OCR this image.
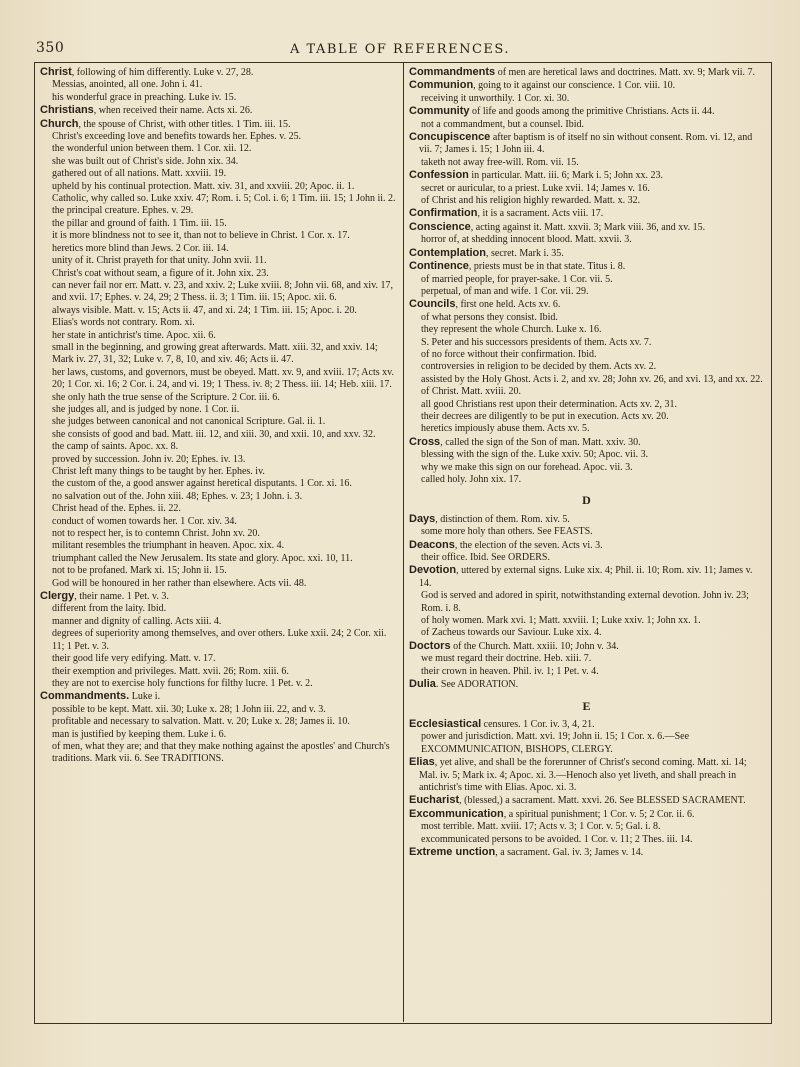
350	A TABLE OF REFERENCES.
Christ, following of him differently. Luke v. 27, 28.
Messias, anointed, all one. John i. 41.
his wonderful grace in preaching. Luke iv. 15.
Christians, when received their name. Acts xi. 26.
Church, the spouse of Christ, with other titles. 1 Tim. iii. 15.
Christ's exceeding love and benefits towards her. Ephes. v. 25.
the wonderful union between them. 1 Cor. xii. 12.
she was built out of Christ's side. John xix. 34.
gathered out of all nations. Matt. xxviii. 19.
upheld by his continual protection. Matt. xiv. 31, and xxviii. 20; Apoc. ii. 1.
Catholic, why called so. Luke xxiv. 47; Rom. i. 5; Col. i. 6; 1 Tim. iii. 15; 1 John ii. 2.
the principal creature. Ephes. v. 29.
the pillar and ground of faith. 1 Tim. iii. 15.
it is more blindness not to see it, than not to believe in Christ. 1 Cor. x. 17.
heretics more blind than Jews. 2 Cor. iii. 14.
unity of it. Christ prayeth for that unity. John xvii. 11.
Christ's coat without seam, a figure of it. John xix. 23.
can never fail nor err. Matt. v. 23, and xxiv. 2; Luke xviii. 8; John vii. 68, and xiv. 17, and xvii. 17; Ephes. v. 24, 29; 2 Thess. ii. 3; 1 Tim. iii. 15; Apoc. xii. 6.
always visible. Matt. v. 15; Acts ii. 47, and xi. 24; 1 Tim. iii. 15; Apoc. i. 20.
Elias's words not contrary. Rom. xi.
her state in antichrist's time. Apoc. xii. 6.
small in the beginning, and growing great afterwards. Matt. xiii. 32, and xxiv. 14; Mark iv. 27, 31, 32; Luke v. 7, 8, 10, and xiv. 46; Acts ii. 47.
her laws, customs, and governors, must be obeyed. Matt. xv. 9, and xviii. 17; Acts xv. 20; 1 Cor. xi. 16; 2 Cor. i. 24, and vi. 19; 1 Thess. iv. 8; 2 Thess. iii. 14; Heb. xiii. 17.
she only hath the true sense of the Scripture. 2 Cor. iii. 6.
she judges all, and is judged by none. 1 Cor. ii.
she judges between canonical and not canonical Scripture. Gal. ii. 1.
she consists of good and bad. Matt. iii. 12, and xiii. 30, and xxii. 10, and xxv. 32.
the camp of saints. Apoc. xx. 8.
proved by succession. John iv. 20; Ephes. iv. 13.
Christ left many things to be taught by her. Ephes. iv.
the custom of the, a good answer against heretical disputants. 1 Cor. xi. 16.
no salvation out of the. John xiii. 48; Ephes. v. 23; 1 John. i. 3.
Christ head of the. Ephes. ii. 22.
conduct of women towards her. 1 Cor. xiv. 34.
not to respect her, is to contemn Christ. John xv. 20.
militant resembles the triumphant in heaven. Apoc. xix. 4.
triumphant called the New Jerusalem. Its state and glory. Apoc. xxi. 10, 11.
not to be profaned. Mark xi. 15; John ii. 15.
God will be honoured in her rather than elsewhere. Acts vii. 48.
Clergy, their name. 1 Pet. v. 3.
different from the laity. Ibid.
manner and dignity of calling. Acts xiii. 4.
degrees of superiority among themselves, and over others. Luke xxii. 24; 2 Cor. xii. 11; 1 Pet. v. 3.
their good life very edifying. Matt. v. 17.
their exemption and privileges. Matt. xvii. 26; Rom. xiii. 6.
they are not to exercise holy functions for filthy lucre. 1 Pet. v. 2.
Commandments. Luke i.
possible to be kept. Matt. xii. 30; Luke x. 28; 1 John iii. 22, and v. 3.
profitable and necessary to salvation. Matt. v. 20; Luke x. 28; James ii. 10.
man is justified by keeping them. Luke i. 6.
of men, what they are; and that they make nothing against the apostles' and Church's traditions. Mark vii. 6. See TRADITIONS.
Commandments of men are heretical laws and doctrines. Matt. xv. 9; Mark vii. 7.
Communion, going to it against our conscience. 1 Cor. viii. 10.
receiving it unworthily. 1 Cor. xi. 30.
Community of life and goods among the primitive Christians. Acts ii. 44.
not a commandment, but a counsel. Ibid.
Concupiscence after baptism is of itself no sin without consent. Rom. vi. 12, and vii. 7; James i. 15; 1 John iii. 4.
taketh not away free-will. Rom. vii. 15.
Confession in particular. Matt. iii. 6; Mark i. 5; John xx. 23.
secret or auricular, to a priest. Luke xvii. 14; James v. 16.
of Christ and his religion highly rewarded. Matt. x. 32.
Confirmation, it is a sacrament. Acts viii. 17.
Conscience, acting against it. Matt. xxvii. 3; Mark viii. 36, and xv. 15.
horror of, at shedding innocent blood. Matt. xxvii. 3.
Contemplation, secret. Mark i. 35.
Continence, priests must be in that state. Titus i. 8.
of married people, for prayer-sake. 1 Cor. vii. 5.
perpetual, of man and wife. 1 Cor. vii. 29.
Councils, first one held. Acts xv. 6.
of what persons they consist. Ibid.
they represent the whole Church. Luke x. 16.
S. Peter and his successors presidents of them. Acts xv. 7.
of no force without their confirmation. Ibid.
controversies in religion to be decided by them. Acts xv. 2.
assisted by the Holy Ghost. Acts i. 2, and xv. 28; John xv. 26, and xvi. 13, and xx. 22.
of Christ. Matt. xviii. 20.
all good Christians rest upon their determination. Acts xv. 2, 31.
their decrees are diligently to be put in execution. Acts xv. 20.
heretics impiously abuse them. Acts xv. 5.
Cross, called the sign of the Son of man. Matt. xxiv. 30.
blessing with the sign of the. Luke xxiv. 50; Apoc. vii. 3.
why we make this sign on our forehead. Apoc. vii. 3.
called holy. John xix. 17.
D
Days, distinction of them. Rom. xiv. 5.
some more holy than others. See FEASTS.
Deacons, the election of the seven. Acts vi. 3.
their office. Ibid. See ORDERS.
Devotion, uttered by external signs. Luke xix. 4; Phil. ii. 10; Rom. xiv. 11; James v. 14.
God is served and adored in spirit, notwithstanding external devotion. John iv. 23; Rom. i. 8.
of holy women. Mark xvi. 1; Matt. xxviii. 1; Luke xxiv. 1; John xx. 1.
of Zacheus towards our Saviour. Luke xix. 4.
Doctors of the Church. Matt. xxiii. 10; John v. 34.
we must regard their doctrine. Heb. xiii. 7.
their crown in heaven. Phil. iv. 1; 1 Pet. v. 4.
Dulia. See ADORATION.
E
Ecclesiastical censures. 1 Cor. iv. 3, 4, 21.
power and jurisdiction. Matt. xvi. 19; John ii. 15; 1 Cor. x. 6.—See EXCOMMUNICATION, BISHOPS, CLERGY.
Elias, yet alive, and shall be the forerunner of Christ's second coming. Matt. xi. 14; Mal. iv. 5; Mark ix. 4; Apoc. xi. 3.—Henoch also yet liveth, and shall preach in antichrist's time with Elias. Apoc. xi. 3.
Eucharist, (blessed,) a sacrament. Matt. xxvi. 26. See BLESSED SACRAMENT.
Excommunication, a spiritual punishment; 1 Cor. v. 5; 2 Cor. ii. 6.
most terrible. Matt. xviii. 17; Acts v. 3; 1 Cor. v. 5; Gal. i. 8.
excommunicated persons to be avoided. 1 Cor. v. 11; 2 Thes. iii. 14.
Extreme unction, a sacrament. Gal. iv. 3; James v. 14.
